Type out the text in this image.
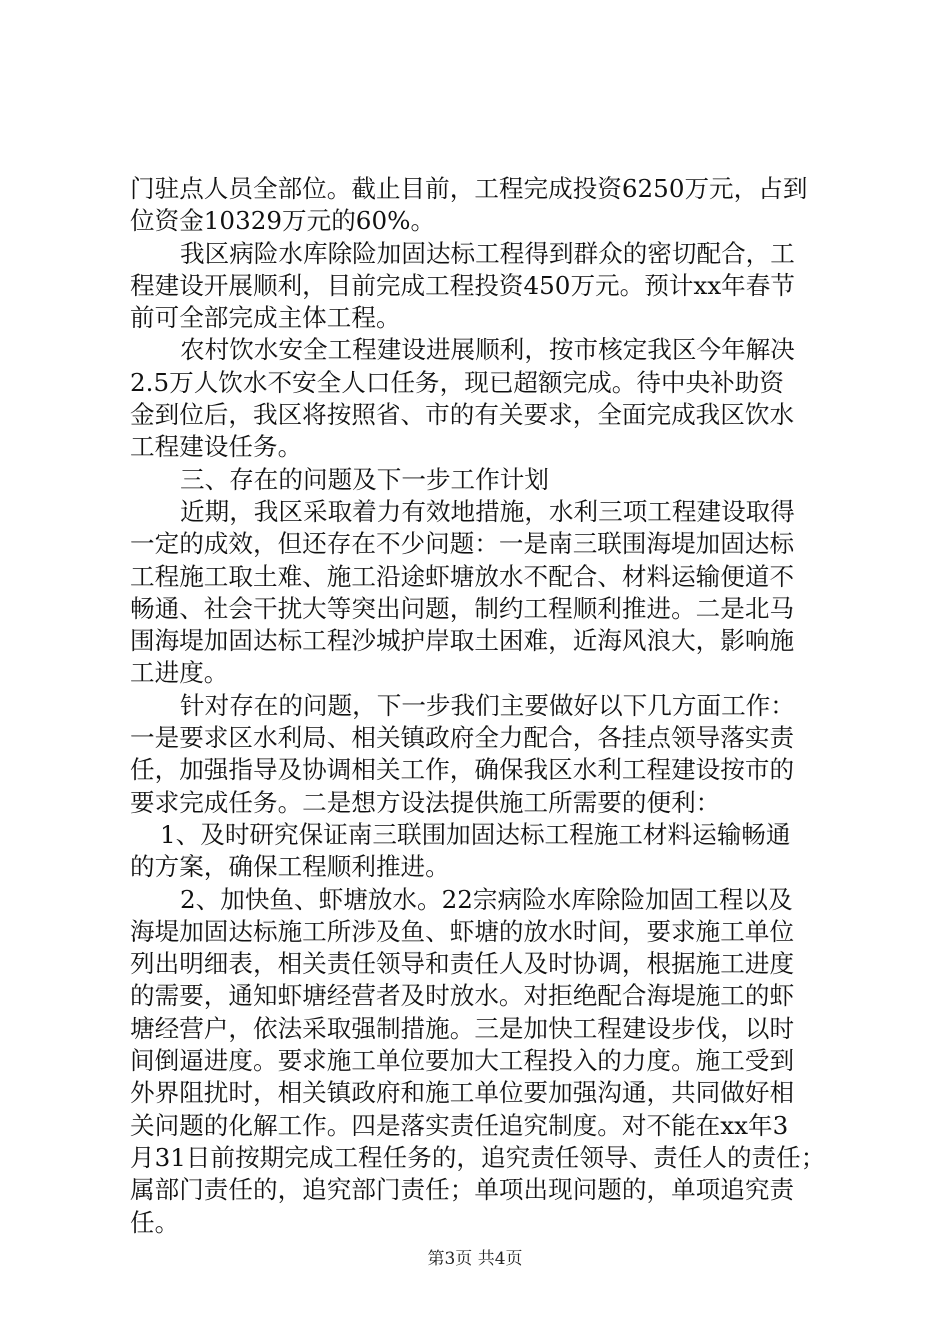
门驻点人员全部位。截止目前，工程完成投资6250万元，占到
位资金10329万元的60%。
我区病险水库除险加固达标工程得到群众的密切配合，工
程建设开展顺利，目前完成工程投资450万元。预计xx年春节
前可全部完成主体工程。
农村饮水安全工程建设进展顺利，按市核定我区今年解决
2.5万人饮水不安全人口任务，现已超额完成。待中央补助资
金到位后，我区将按照省、市的有关要求，全面完成我区饮水
工程建设任务。
三、存在的问题及下一步工作计划
近期，我区采取着力有效地措施，水利三项工程建设取得
一定的成效，但还存在不少问题：一是南三联围海堤加固达标
工程施工取土难、施工沿途虾塘放水不配合、材料运输便道不
畅通、社会干扰大等突出问题，制约工程顺利推进。二是北马
围海堤加固达标工程沙城护岸取土困难，近海风浪大，影响施
工进度。
针对存在的问题，下一步我们主要做好以下几方面工作：
一是要求区水利局、相关镇政府全力配合，各挂点领导落实责
任，加强指导及协调相关工作，确保我区水利工程建设按市的
要求完成任务。二是想方设法提供施工所需要的便利：
1、及时研究保证南三联围加固达标工程施工材料运输畅通
的方案，确保工程顺利推进。
2、加快鱼、虾塘放水。22宗病险水库除险加固工程以及
海堤加固达标施工所涉及鱼、虾塘的放水时间，要求施工单位
列出明细表，相关责任领导和责任人及时协调，根据施工进度
的需要，通知虾塘经营者及时放水。对拒绝配合海堤施工的虾
塘经营户，依法采取强制措施。三是加快工程建设步伐，以时
间倒逼进度。要求施工单位要加大工程投入的力度。施工受到
外界阻扰时，相关镇政府和施工单位要加强沟通，共同做好相
关问题的化解工作。四是落实责任追究制度。对不能在xx年3
月31日前按期完成工程任务的，追究责任领导、责任人的责任；
属部门责任的，追究部门责任；单项出现问题的，单项追究责
任。
第3页 共4页
